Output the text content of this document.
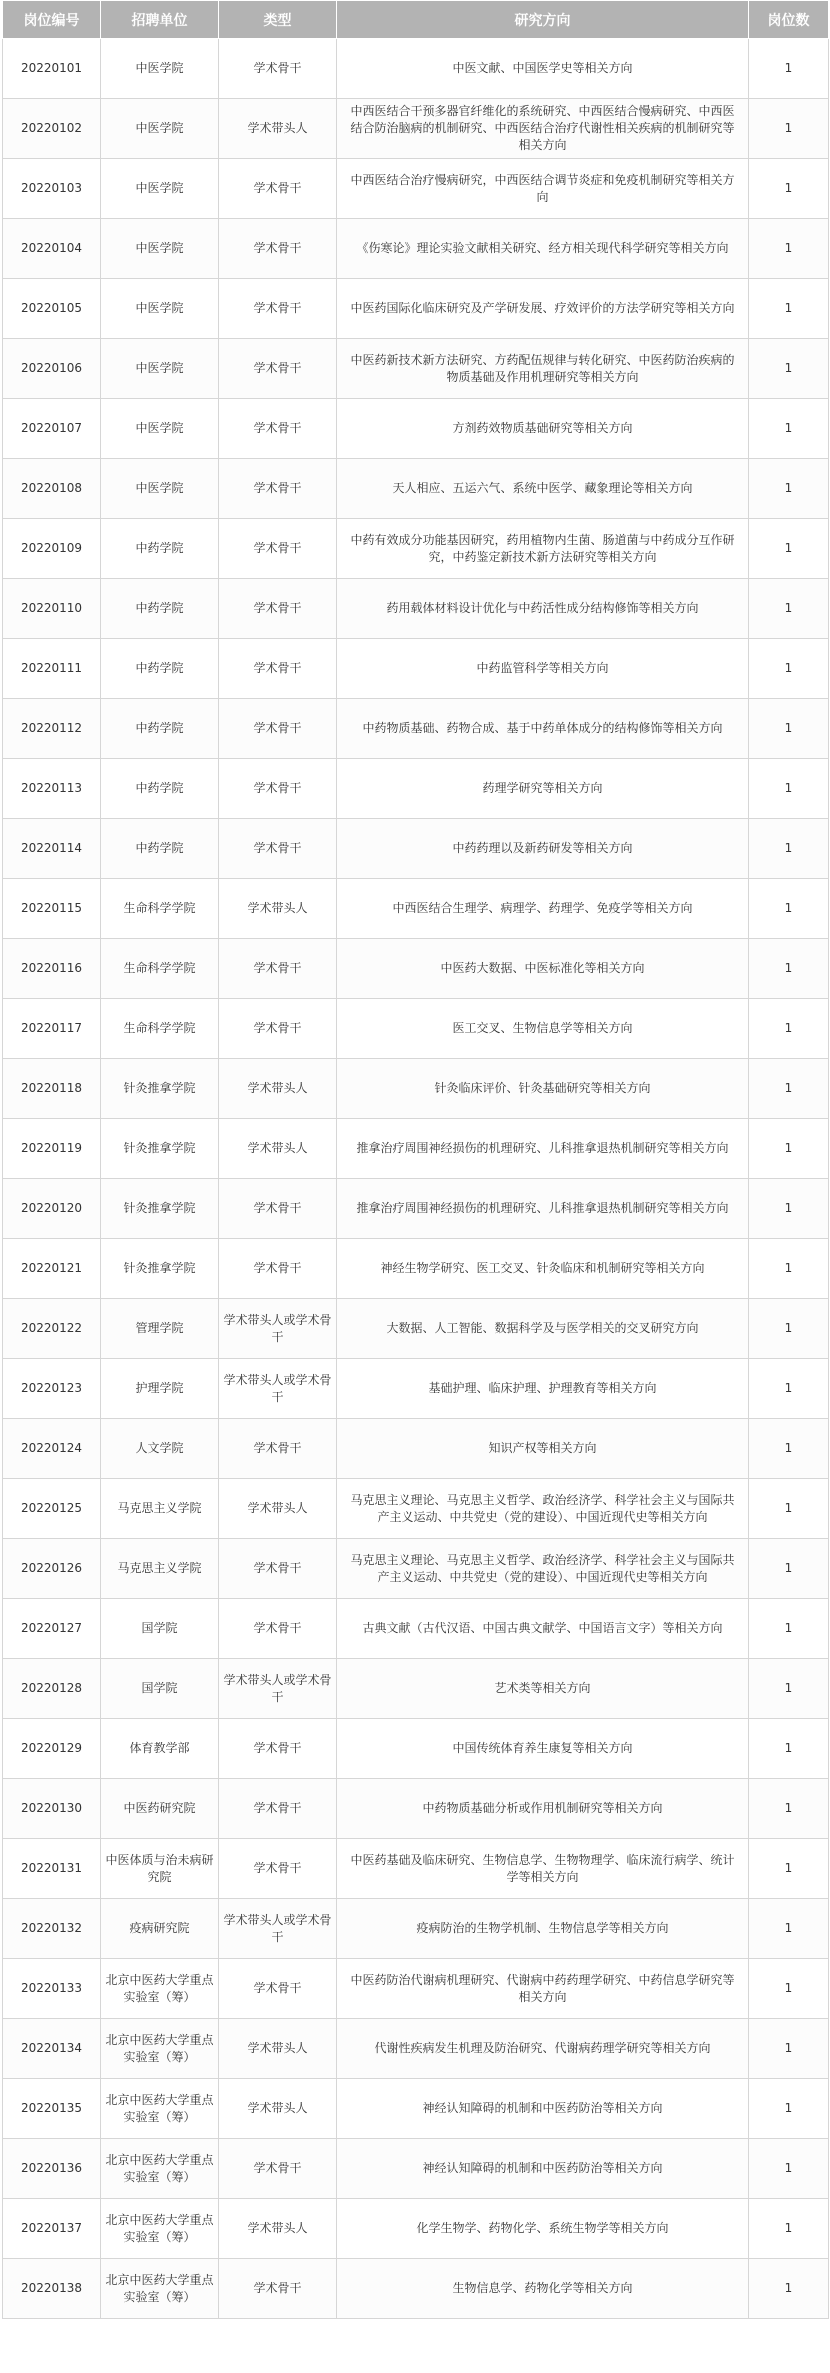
岗位编号	招聘单位	类型	研究方向	岗位数
20220101	中医学院	学术骨干	中医文献、中国医学史等相关方向	1
20220102	中医学院	学术带头人	中西医结合干预多器官纤维化的系统研究、中西医结合慢病研究、中西医结合防治脑病的机制研究、中西医结合治疗代谢性相关疾病的机制研究等相关方向	1
20220103	中医学院	学术骨干	中西医结合治疗慢病研究，中西医结合调节炎症和免疫机制研究等相关方向	1
20220104	中医学院	学术骨干	《伤寒论》理论实验文献相关研究、经方相关现代科学研究等相关方向	1
20220105	中医学院	学术骨干	中医药国际化临床研究及产学研发展、疗效评价的方法学研究等相关方向	1
20220106	中医学院	学术骨干	中医药新技术新方法研究、方药配伍规律与转化研究、中医药防治疾病的物质基础及作用机理研究等相关方向	1
20220107	中医学院	学术骨干	方剂药效物质基础研究等相关方向	1
20220108	中医学院	学术骨干	天人相应、五运六气、系统中医学、藏象理论等相关方向	1
20220109	中药学院	学术骨干	中药有效成分功能基因研究，药用植物内生菌、肠道菌与中药成分互作研究，中药鉴定新技术新方法研究等相关方向	1
20220110	中药学院	学术骨干	药用载体材料设计优化与中药活性成分结构修饰等相关方向	1
20220111	中药学院	学术骨干	中药监管科学等相关方向	1
20220112	中药学院	学术骨干	中药物质基础、药物合成、基于中药单体成分的结构修饰等相关方向	1
20220113	中药学院	学术骨干	药理学研究等相关方向	1
20220114	中药学院	学术骨干	中药药理以及新药研发等相关方向	1
20220115	生命科学学院	学术带头人	中西医结合生理学、病理学、药理学、免疫学等相关方向	1
20220116	生命科学学院	学术骨干	中医药大数据、中医标准化等相关方向	1
20220117	生命科学学院	学术骨干	医工交叉、生物信息学等相关方向	1
20220118	针灸推拿学院	学术带头人	针灸临床评价、针灸基础研究等相关方向	1
20220119	针灸推拿学院	学术带头人	推拿治疗周围神经损伤的机理研究、儿科推拿退热机制研究等相关方向	1
20220120	针灸推拿学院	学术骨干	推拿治疗周围神经损伤的机理研究、儿科推拿退热机制研究等相关方向	1
20220121	针灸推拿学院	学术骨干	神经生物学研究、医工交叉、针灸临床和机制研究等相关方向	1
20220122	管理学院	学术带头人或学术骨干	大数据、人工智能、数据科学及与医学相关的交叉研究方向	1
20220123	护理学院	学术带头人或学术骨干	基础护理、临床护理、护理教育等相关方向	1
20220124	人文学院	学术骨干	知识产权等相关方向	1
20220125	马克思主义学院	学术带头人	马克思主义理论、马克思主义哲学、政治经济学、科学社会主义与国际共产主义运动、中共党史（党的建设）、中国近现代史等相关方向	1
20220126	马克思主义学院	学术骨干	马克思主义理论、马克思主义哲学、政治经济学、科学社会主义与国际共产主义运动、中共党史（党的建设）、中国近现代史等相关方向	1
20220127	国学院	学术骨干	古典文献（古代汉语、中国古典文献学、中国语言文字）等相关方向	1
20220128	国学院	学术带头人或学术骨干	艺术类等相关方向	1
20220129	体育教学部	学术骨干	中国传统体育养生康复等相关方向	1
20220130	中医药研究院	学术骨干	中药物质基础分析或作用机制研究等相关方向	1
20220131	中医体质与治未病研究院	学术骨干	中医药基础及临床研究、生物信息学、生物物理学、临床流行病学、统计学等相关方向	1
20220132	疫病研究院	学术带头人或学术骨干	疫病防治的生物学机制、生物信息学等相关方向	1
20220133	北京中医药大学重点实验室（筹）	学术骨干	中医药防治代谢病机理研究、代谢病中药药理学研究、中药信息学研究等相关方向	1
20220134	北京中医药大学重点实验室（筹）	学术带头人	代谢性疾病发生机理及防治研究、代谢病药理学研究等相关方向	1
20220135	北京中医药大学重点实验室（筹）	学术带头人	神经认知障碍的机制和中医药防治等相关方向	1
20220136	北京中医药大学重点实验室（筹）	学术骨干	神经认知障碍的机制和中医药防治等相关方向	1
20220137	北京中医药大学重点实验室（筹）	学术带头人	化学生物学、药物化学、系统生物学等相关方向	1
20220138	北京中医药大学重点实验室（筹）	学术骨干	生物信息学、药物化学等相关方向	1
